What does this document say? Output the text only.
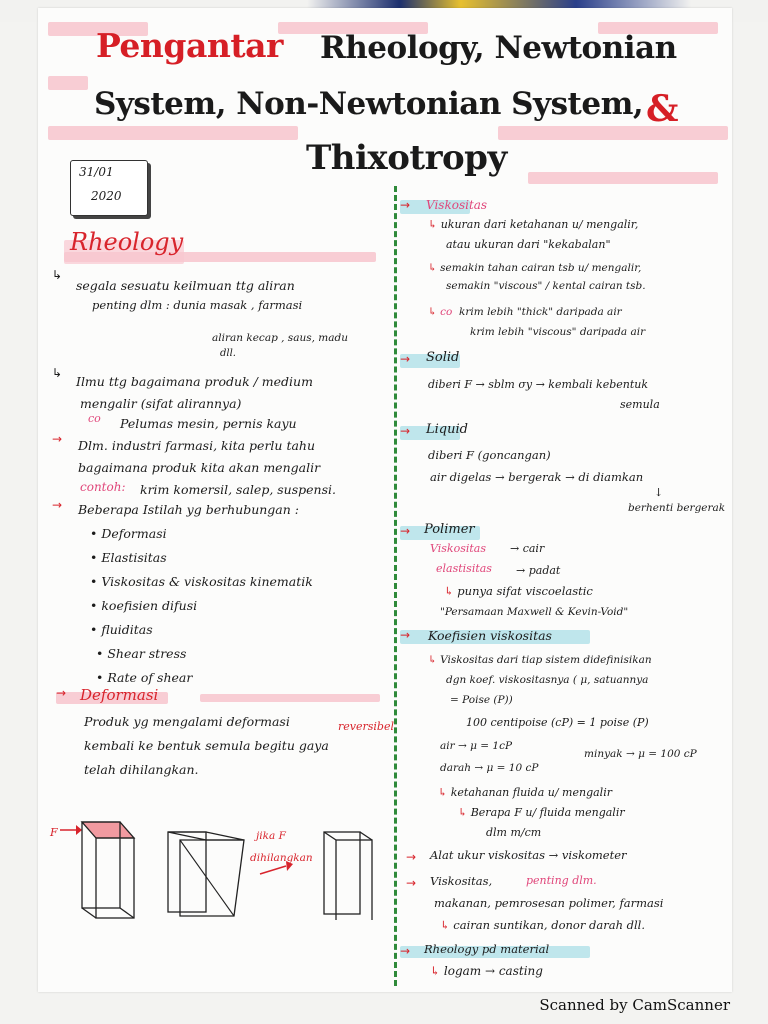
Pengantar Rheology, Newtonian
System, Non-Newtonian System, &
Thixotropy
31/01
2020
Rheology
↳
segala sesuatu keilmuan ttg aliran
penting dlm : dunia masak , farmasi
aliran kecap , saus, madu
dll.
↳
Ilmu ttg bagaimana produk / medium
mengalir (sifat alirannya)
co Pelumas mesin, pernis kayu
→ Dlm. industri farmasi, kita perlu tahu
bagaimana produk kita akan mengalir
contoh: krim komersil, salep, suspensi.
→ Beberapa Istilah yg berhubungan :
• Deformasi
• Elastisitas
• Viskositas & viskositas kinematik
• koefisien difusi
• fluiditas
• Shear stress
• Rate of shear
→ Deformasi
Produk yg mengalami deformasi	reversibel
kembali ke bentuk semula begitu gaya
telah dihilangkan.
F	jika F
dihilangkan
→ Viskositas
↳ ukuran dari ketahanan u/ mengalir,
atau ukuran dari "kekabalan"
↳ semakin tahan cairan tsb u/ mengalir,
semakin "viscous" / kental cairan tsb.
↳ co krim lebih "thick" daripada air
krim lebih "viscous" daripada air
→ Solid
diberi F → sblm σy → kembali kebentuk
semula
→ Liquid
diberi F (goncangan)
air digelas → bergerak → di diamkan
↓
berhenti bergerak
→ Polimer
Viskositas → cair
elastisitas → padat
↳ punya sifat viscoelastic
"Persamaan Maxwell & Kevin-Void"
→ Koefisien viskositas
↳ Viskositas dari tiap sistem didefinisikan
dgn koef. viskositasnya ( μ, satuannya
= Poise (P))
100 centipoise (cP) = 1 poise (P)
air → μ = 1cP
minyak → μ = 100 cP
darah → μ = 10 cP
↳ ketahanan fluida u/ mengalir
↳ Berapa F u/ fluida mengalir
dlm m/cm
→ Alat ukur viskositas → viskometer
→ Viskositas,	penting dlm.
makanan, pemrosesan polimer, farmasi
↳ cairan suntikan, donor darah dll.
→ Rheology pd material
↳ logam → casting
Scanned by CamScanner
